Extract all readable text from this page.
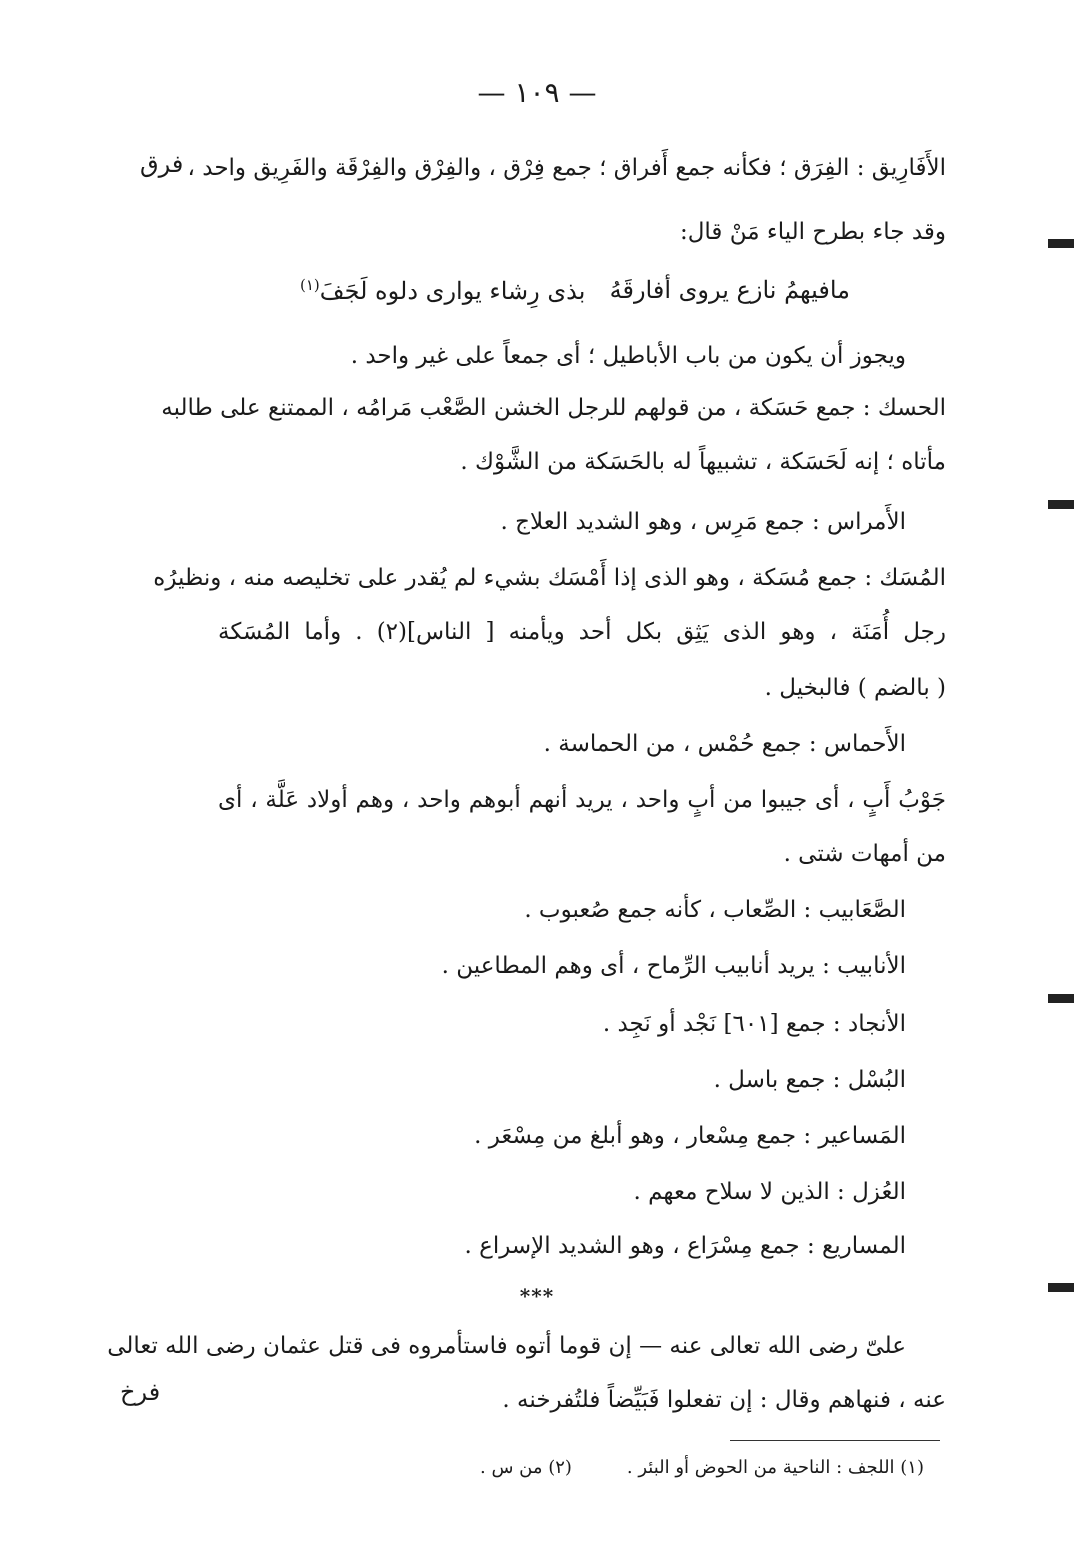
— ١٠٩ —
فرق
فرخ
الأَفَارِيق : الفِرَق ؛ فكأنه جمع أَفراق ؛ جمع فِرْق ، والفِرْق والفِرْقَة والفَرِيق واحد ،
وقد جاء بطرح الياء مَنْ قال:
ويجوز أن يكون من باب الأباطيل ؛ أى جمعاً على غير واحد .
الحسك : جمع حَسَكة ، من قولهم للرجل الخشن الصَّعْب مَرامُه ، الممتنع على طالبه
مأتاه ؛ إنه لَحَسَكة ، تشبيهاً له بالحَسَكة من الشَّوْك .
الأَمراس : جمع مَرِس ، وهو الشديد العلاج .
المُسَك : جمع مُسَكة ، وهو الذى إذا أَمْسَك بشيء لم يُقدر على تخليصه منه ، ونظيرُه
رجل أُمَنَة ، وهو الذى يَثِق بكل أحد ويأمنه [ الناس](٢) . وأما المُسَكة
( بالضم ) فالبخيل .
الأَحماس : جمع حُمْس ، من الحماسة .
جَوْبُ أَبٍ ، أى جيبوا من أبٍ واحد ، يريد أنهم أبوهم واحد ، وهم أولاد عَلَّة ، أى
من أمهات شتى .
الصَّعَابيب : الصِّعاب ، كأنه جمع صُعبوب .
الأنابيب : يريد أنابيب الرِّماح ، أى وهم المطاعين .
الأنجاد : جمع [٦٠١] نَجْد أو نَجِد .
البُسْل : جمع باسل .
المَساعير : جمع مِسْعار ، وهو أبلغ من مِسْعَر .
العُزل : الذين لا سلاح معهم .
المساريع : جمع مِسْرَاع ، وهو الشديد الإسراع .
علىّ رضى الله تعالى عنه — إن قوما أتوه فاستأمروه فى قتل عثمان رضى الله تعالى
عنه ، فنهاهم وقال : إن تفعلوا فَبَيِّضاً فلتُفرخنه .
مافيهمُ نازع يروى أفارقَهُ
بذى رِشاء يوارى دلوه لَجَفَ$^{(١)}$
***
(١) اللجف : الناحية من الحوض أو البئر .
(٢) من س .
